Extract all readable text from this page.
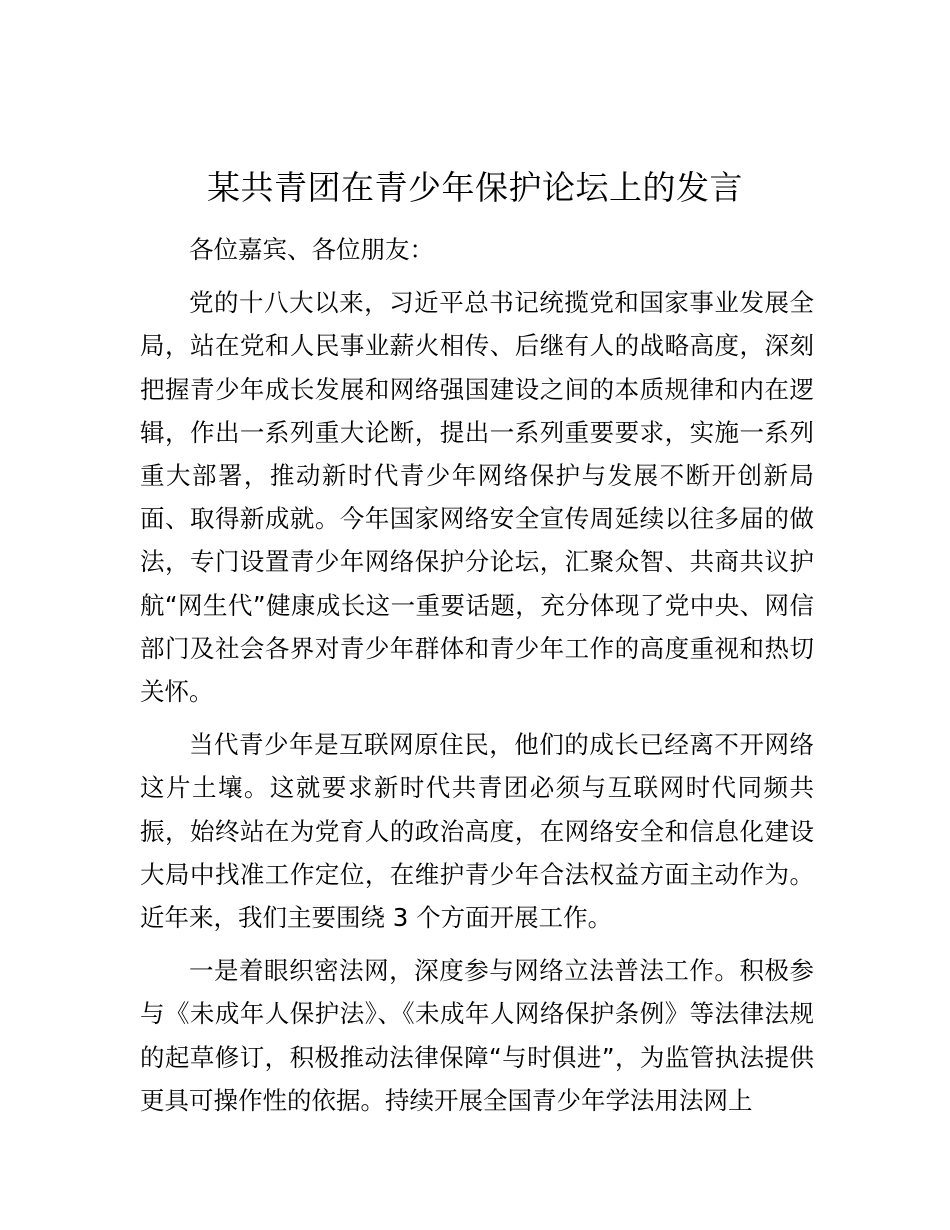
某共青团在青少年保护论坛上的发言

各位嘉宾、各位朋友：

党的十八大以来，习近平总书记统揽党和国家事业发展全局，站在党和人民事业薪火相传、后继有人的战略高度，深刻把握青少年成长发展和网络强国建设之间的本质规律和内在逻辑，作出一系列重大论断，提出一系列重要要求，实施一系列重大部署，推动新时代青少年网络保护与发展不断开创新局面、取得新成就。今年国家网络安全宣传周延续以往多届的做法，专门设置青少年网络保护分论坛，汇聚众智、共商共议护航“网生代”健康成长这一重要话题，充分体现了党中央、网信部门及社会各界对青少年群体和青少年工作的高度重视和热切关怀。

当代青少年是互联网原住民，他们的成长已经离不开网络这片土壤。这就要求新时代共青团必须与互联网时代同频共振，始终站在为党育人的政治高度，在网络安全和信息化建设大局中找准工作定位，在维护青少年合法权益方面主动作为。近年来，我们主要围绕 3 个方面开展工作。

一是着眼织密法网，深度参与网络立法普法工作。积极参与《未成年人保护法》、《未成年人网络保护条例》等法律法规的起草修订，积极推动法律保障“与时俱进”，为监管执法提供更具可操作性的依据。持续开展全国青少年学法用法网上
